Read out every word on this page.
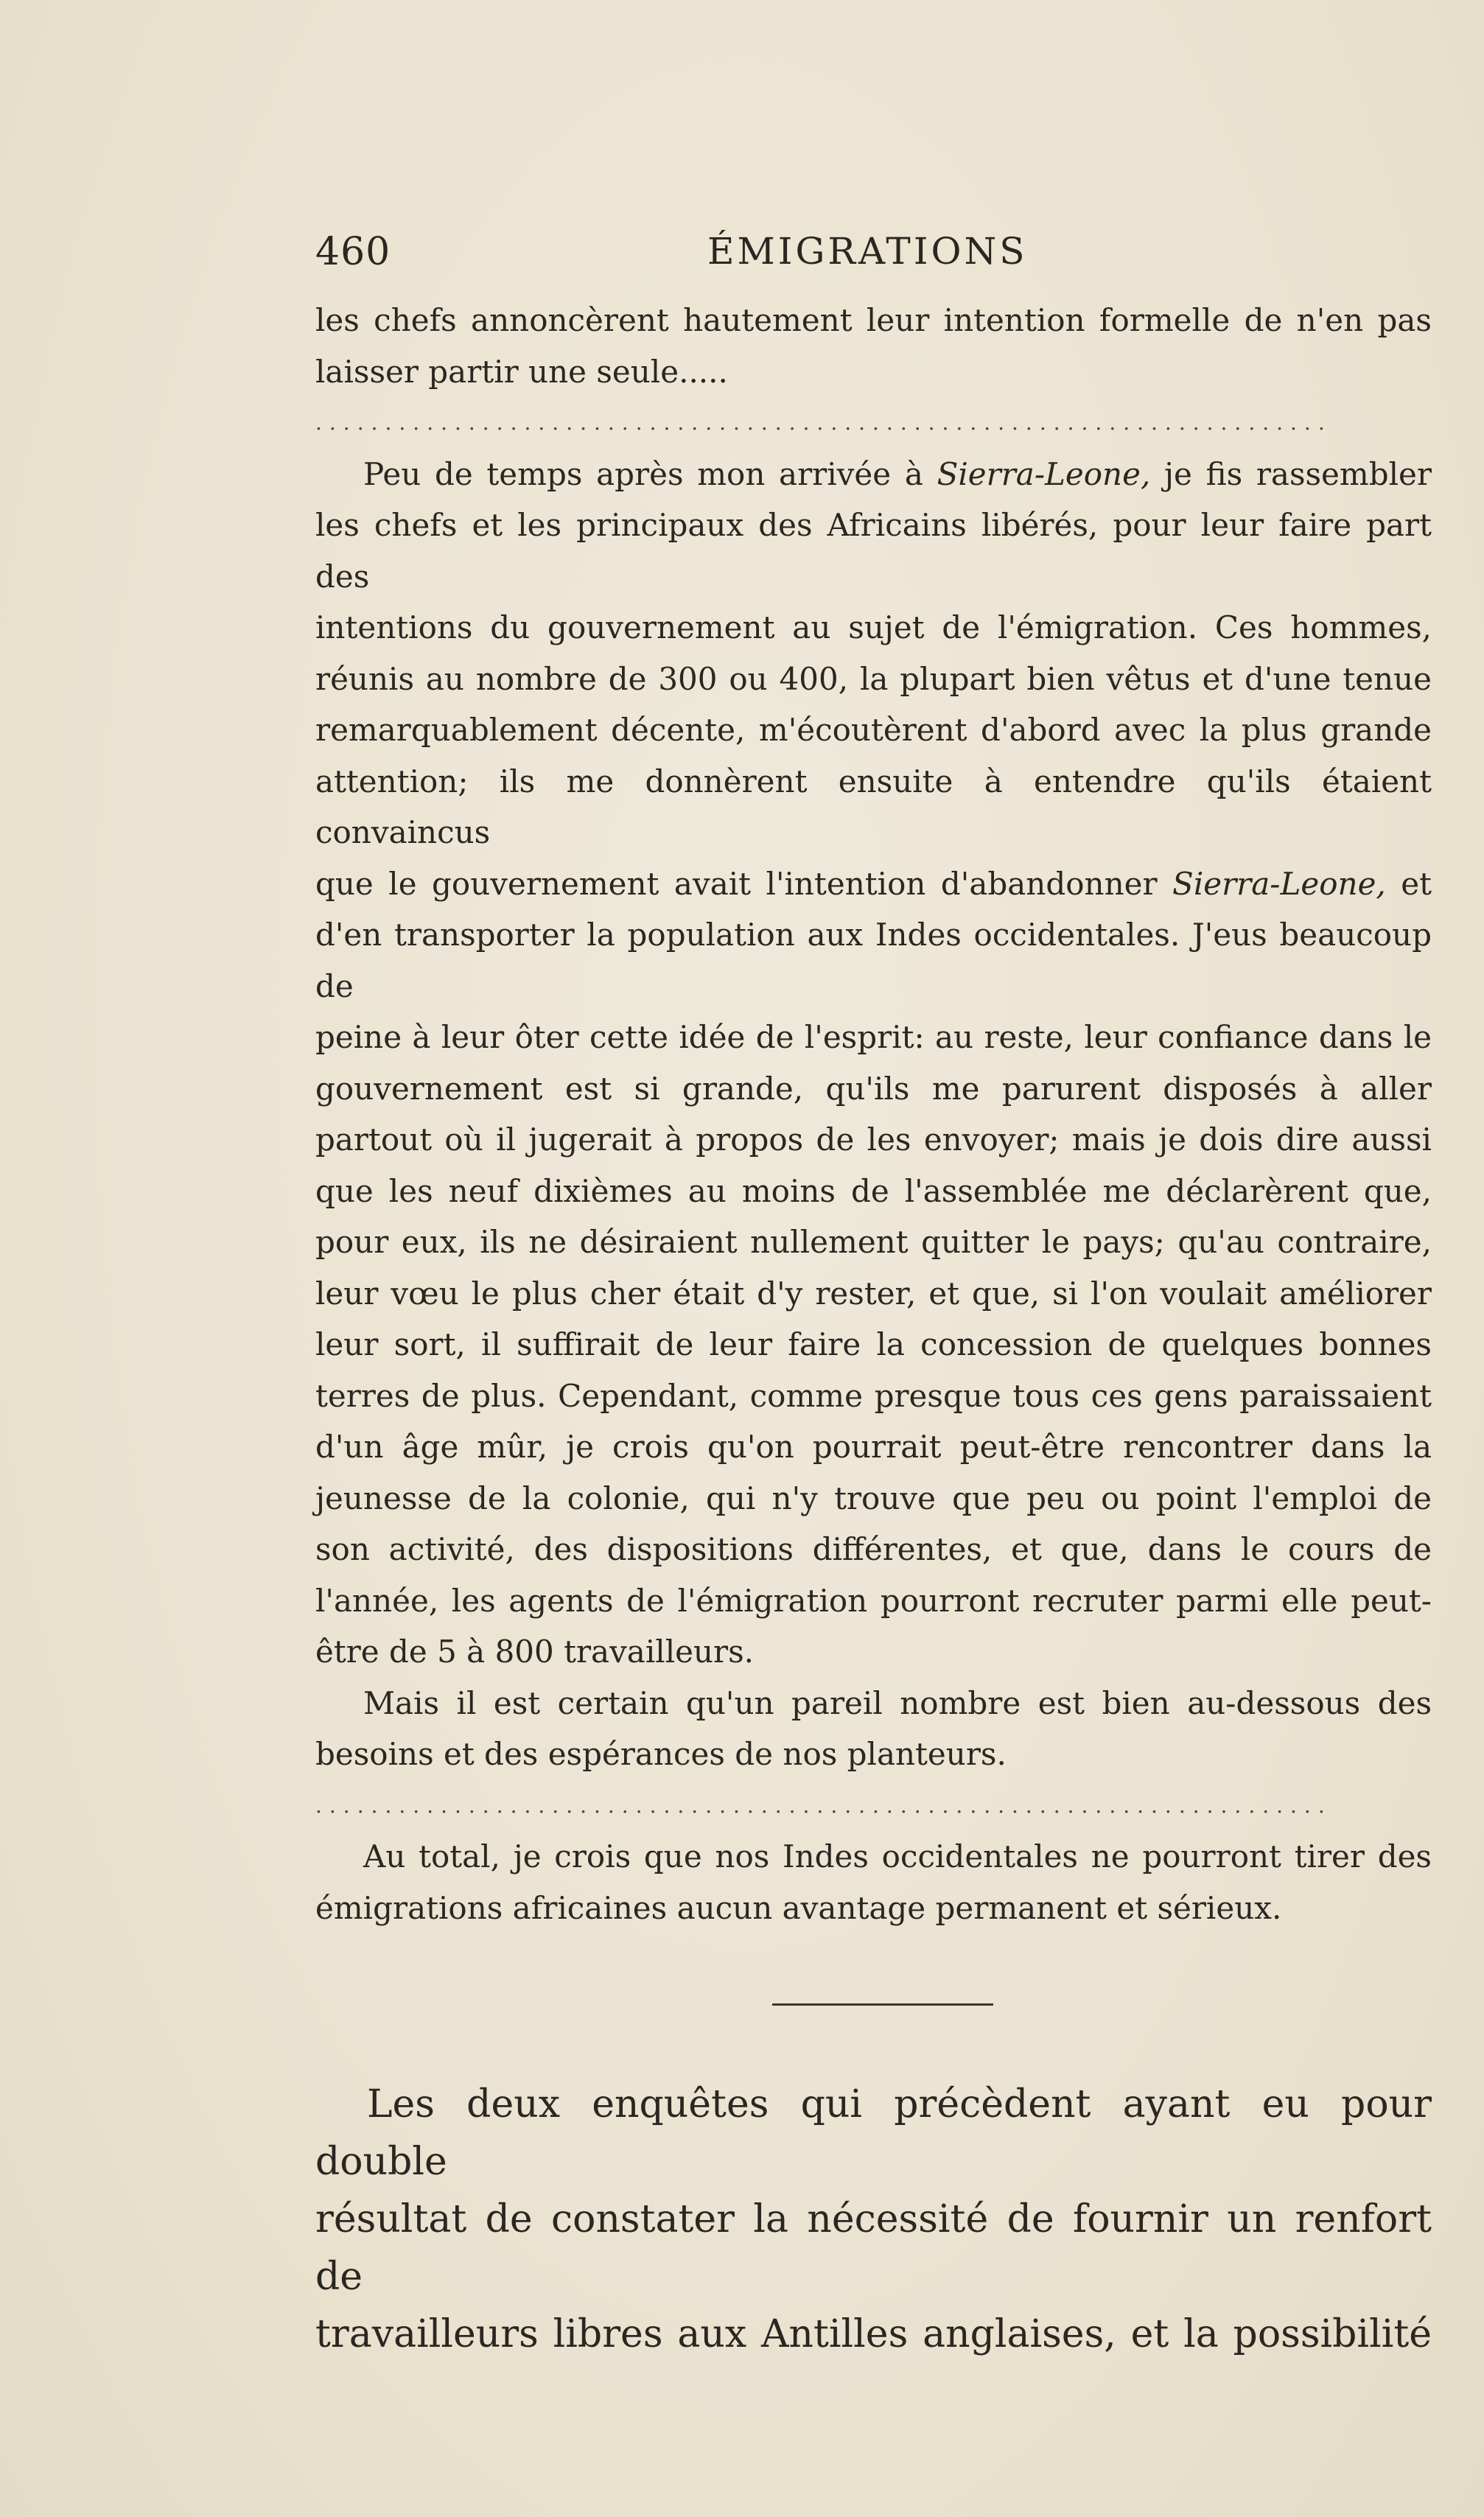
460	ÉMIGRATIONS

les chefs annoncèrent hautement leur intention formelle de n'en pas
laisser partir une seule.....

.........................................................................

Peu de temps après mon arrivée à Sierra-Leone, je fis rassembler
les chefs et les principaux des Africains libérés, pour leur faire part des
intentions du gouvernement au sujet de l'émigration. Ces hommes,
réunis au nombre de 300 ou 400, la plupart bien vêtus et d'une tenue
remarquablement décente, m'écoutèrent d'abord avec la plus grande
attention; ils me donnèrent ensuite à entendre qu'ils étaient convaincus
que le gouvernement avait l'intention d'abandonner Sierra-Leone, et
d'en transporter la population aux Indes occidentales. J'eus beaucoup de
peine à leur ôter cette idée de l'esprit: au reste, leur confiance dans le
gouvernement est si grande, qu'ils me parurent disposés à aller
partout où il jugerait à propos de les envoyer; mais je dois dire aussi
que les neuf dixièmes au moins de l'assemblée me déclarèrent que,
pour eux, ils ne désiraient nullement quitter le pays; qu'au contraire,
leur vœu le plus cher était d'y rester, et que, si l'on voulait améliorer
leur sort, il suffirait de leur faire la concession de quelques bonnes
terres de plus. Cependant, comme presque tous ces gens paraissaient
d'un âge mûr, je crois qu'on pourrait peut-être rencontrer dans la
jeunesse de la colonie, qui n'y trouve que peu ou point l'emploi de
son activité, des dispositions différentes, et que, dans le cours de
l'année, les agents de l'émigration pourront recruter parmi elle peut-
être de 5 à 800 travailleurs.

Mais il est certain qu'un pareil nombre est bien au-dessous des
besoins et des espérances de nos planteurs.

.........................................................................

Au total, je crois que nos Indes occidentales ne pourront tirer des
émigrations africaines aucun avantage permanent et sérieux.

Les deux enquêtes qui précèdent ayant eu pour double

résultat de constater la nécessité de fournir un renfort de
travailleurs libres aux Antilles anglaises, et la possibilité
